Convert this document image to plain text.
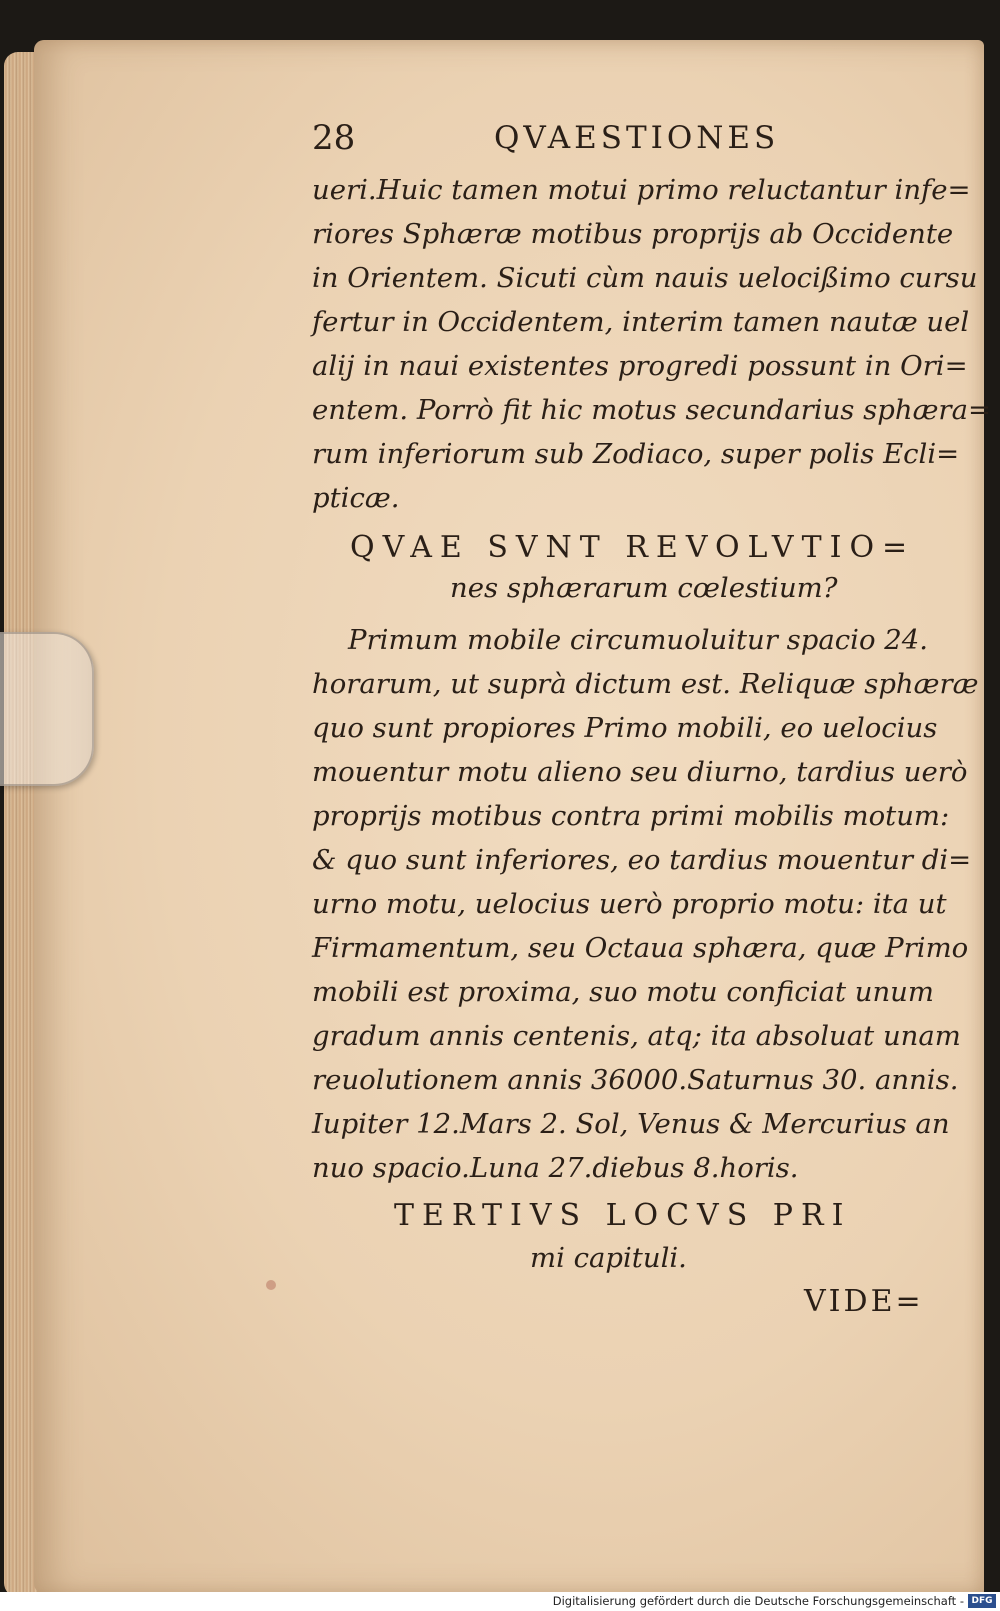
28	QVAESTIONES
ueri.Huic tamen motui primo reluctantur infe=
riores Sphæræ motibus proprijs ab Occidente
in Orientem. Sicuti cùm nauis uelocißimo cursu
fertur in Occidentem, interim tamen nautæ uel
alij in naui existentes progredi possunt in Ori=
entem. Porrò fit hic motus secundarius sphæra=
rum inferiorum sub Zodiaco, super polis Ecli=
pticæ.
QVAE SVNT REVOLVTIO=
nes sphærarum cœlestium?
Primum mobile circumuoluitur spacio 24.
horarum, ut suprà dictum est. Reliquæ sphæræ
quo sunt propiores Primo mobili, eo uelocius
mouentur motu alieno seu diurno, tardius uerò
proprijs motibus contra primi mobilis motum:
& quo sunt inferiores, eo tardius mouentur di=
urno motu, uelocius uerò proprio motu: ita ut
Firmamentum, seu Octaua sphæra, quæ Primo
mobili est proxima, suo motu conficiat unum
gradum annis centenis, atq; ita absoluat unam
reuolutionem annis 36000.Saturnus 30. annis.
Iupiter 12.Mars 2. Sol, Venus & Mercurius an
nuo spacio.Luna 27.diebus 8.horis.
TERTIVS LOCVS PRI
mi capituli.
VIDE=
Digitalisierung gefördert durch die Deutsche Forschungsgemeinschaft - DFG
